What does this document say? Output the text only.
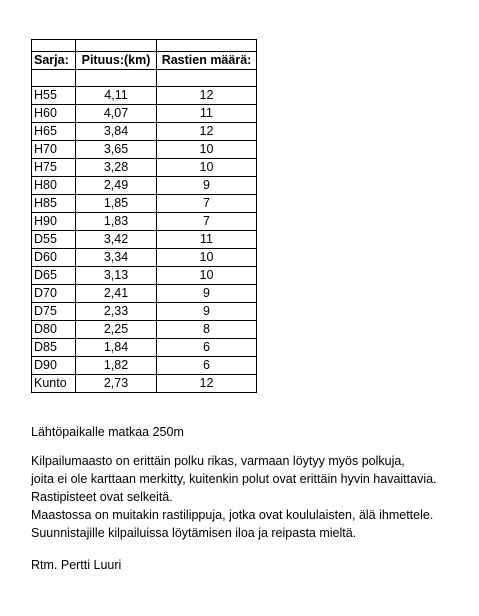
Sarja:	Pituus:(km)	Rastien määrä:

H55	4,11	12
H60	4,07	11
H65	3,84	12
H70	3,65	10
H75	3,28	10
H80	2,49	9
H85	1,85	7
H90	1,83	7
D55	3,42	11
D60	3,34	10
D65	3,13	10
D70	2,41	9
D75	2,33	9
D80	2,25	8
D85	1,84	6
D90	1,82	6
Kunto	2,73	12
Lähtöpaikalle matkaa 250m

Kilpailumaasto on erittäin polku rikas, varmaan löytyy myös polkuja,

joita ei ole karttaan merkitty, kuitenkin polut ovat erittäin hyvin havaittavia.

Rastipisteet ovat selkeitä.

Maastossa on muitakin rastilippuja, jotka ovat koululaisten, älä ihmettele.

Suunnistajille kilpailuissa löytämisen iloa ja reipasta mieltä.

Rtm. Pertti Luuri
